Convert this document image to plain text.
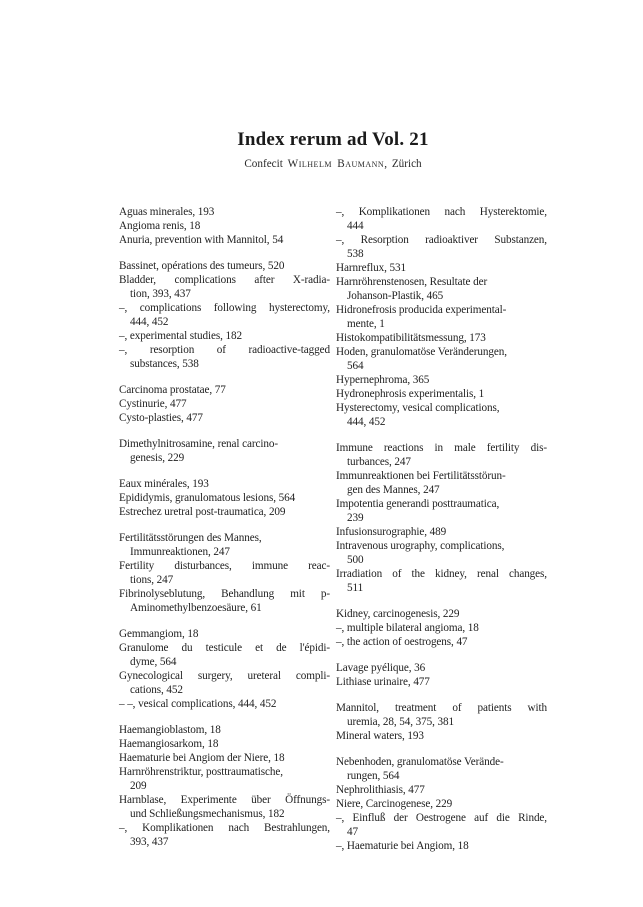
Index rerum ad Vol. 21

Confecit Wilhelm Baumann, Zürich

Aguas minerales, 193
Angioma renis, 18
Anuria, prevention with Mannitol, 54
Bassinet, opérations des tumeurs, 520
Bladder, complications after X-radia-
tion, 393, 437
–, complications following hysterectomy,
444, 452
–, experimental studies, 182
–, resorption of radioactive-tagged
substances, 538
Carcinoma prostatae, 77
Cystinurie, 477
Cysto-plasties, 477
Dimethylnitrosamine, renal carcino-
genesis, 229
Eaux minérales, 193
Epididymis, granulomatous lesions, 564
Estrechez uretral post-traumatica, 209
Fertilitätsstörungen des Mannes,
Immunreaktionen, 247
Fertility disturbances, immune reac-
tions, 247
Fibrinolyseblutung, Behandlung mit p-
Aminomethylbenzoesäure, 61
Gemmangiom, 18
Granulome du testicule et de l'épidi-
dyme, 564
Gynecological surgery, ureteral compli-
cations, 452
– –, vesical complications, 444, 452
Haemangioblastom, 18
Haemangiosarkom, 18
Haematurie bei Angiom der Niere, 18
Harnröhrenstriktur, posttraumatische,
209
Harnblase, Experimente über Öffnungs-
und Schließungsmechanismus, 182
–, Komplikationen nach Bestrahlungen,
393, 437
–, Komplikationen nach Hysterektomie,
444
–, Resorption radioaktiver Substanzen,
538
Harnreflux, 531
Harnröhrenstenosen, Resultate der
Johanson-Plastik, 465
Hidronefrosis producida experimental-
mente, 1
Histokompatibilitätsmessung, 173
Hoden, granulomatöse Veränderungen,
564
Hypernephroma, 365
Hydronephrosis experimentalis, 1
Hysterectomy, vesical complications,
444, 452
Immune reactions in male fertility dis-
turbances, 247
Immunreaktionen bei Fertilitätsstörun-
gen des Mannes, 247
Impotentia generandi posttraumatica,
239
Infusionsurographie, 489
Intravenous urography, complications,
500
Irradiation of the kidney, renal changes,
511
Kidney, carcinogenesis, 229
–, multiple bilateral angioma, 18
–, the action of oestrogens, 47
Lavage pyélique, 36
Lithiase urinaire, 477
Mannitol, treatment of patients with
uremia, 28, 54, 375, 381
Mineral waters, 193
Nebenhoden, granulomatöse Verände-
rungen, 564
Nephrolithiasis, 477
Niere, Carcinogenese, 229
–, Einfluß der Oestrogene auf die Rinde,
47
–, Haematurie bei Angiom, 18
